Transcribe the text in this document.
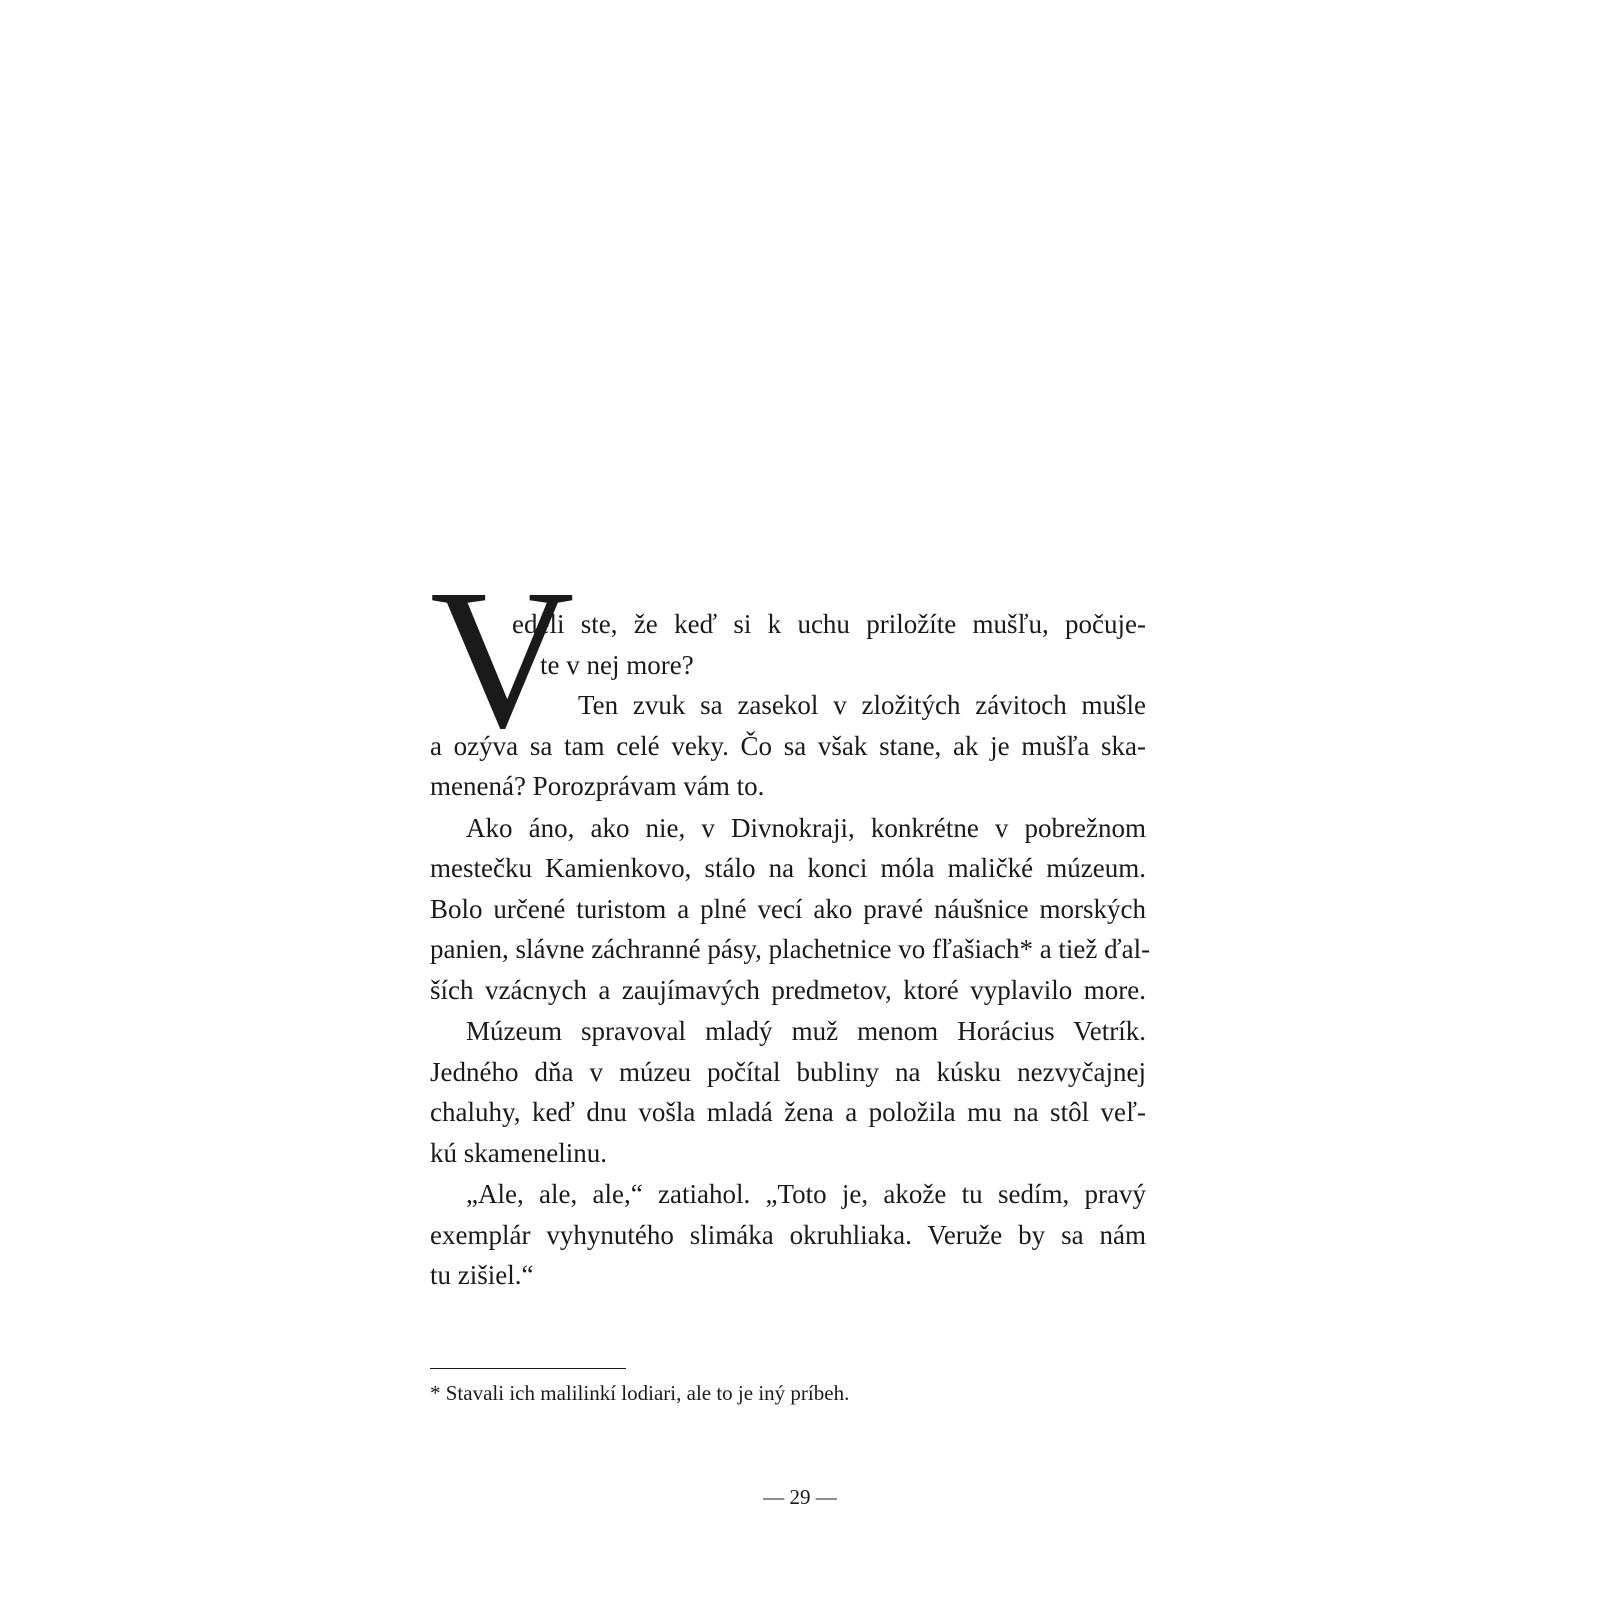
V
edeli ste, že keď si k uchu priložíte mušľu, počuje-
te v nej more?
Ten zvuk sa zasekol v zložitých závitoch mušle
a ozýva sa tam celé veky. Čo sa však stane, ak je mušľa ska-
menená? Porozprávam vám to.
Ako áno, ako nie, v Divnokraji, konkrétne v pobrežnom
mestečku Kamienkovo, stálo na konci móla maličké múzeum.
Bolo určené turistom a plné vecí ako pravé náušnice morských
panien, slávne záchranné pásy, plachetnice vo fľašiach* a tiež ďal-
ších vzácnych a zaujímavých predmetov, ktoré vyplavilo more.
Múzeum spravoval mladý muž menom Horácius Vetrík.
Jedného dňa v múzeu počítal bubliny na kúsku nezvyčajnej
chaluhy, keď dnu vošla mladá žena a položila mu na stôl veľ-
kú skamenelinu.
„Ale, ale, ale,“ zatiahol. „Toto je, akože tu sedím, pravý
exemplár vyhynutého slimáka okruhliaka. Veruže by sa nám
tu zišiel.“
* Stavali ich malilinkí lodiari, ale to je iný príbeh.
— 29 —
